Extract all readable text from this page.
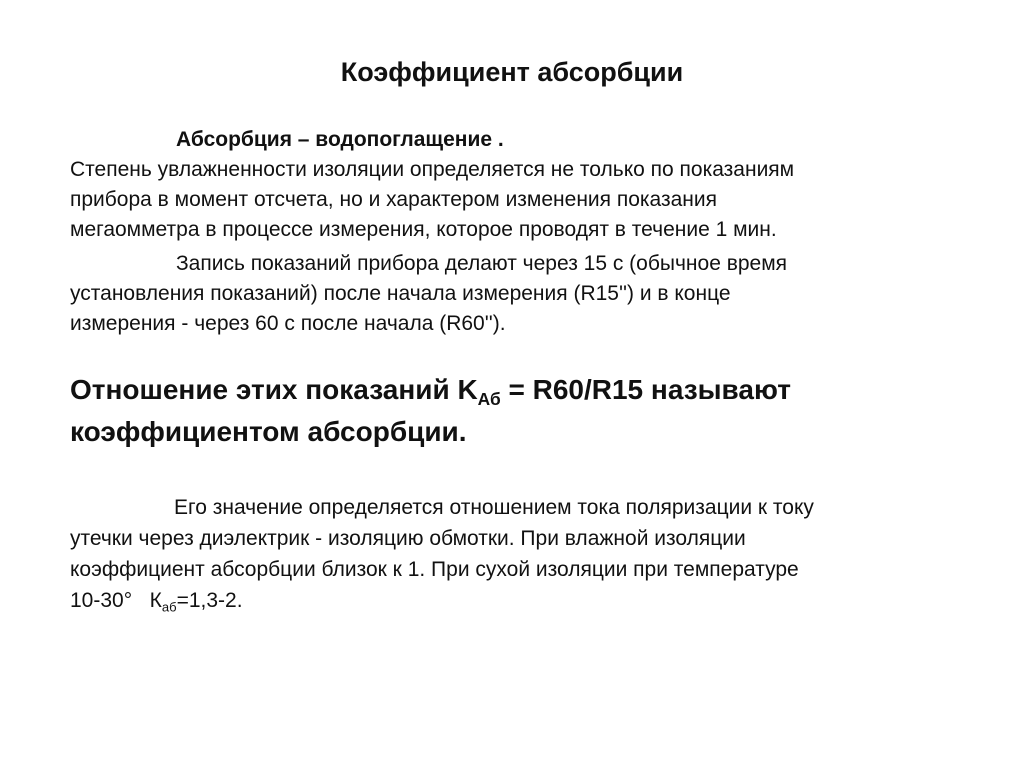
Коэффициент абсорбции
Абсорбция – водопоглащение .
Степень увлажненности изоляции определяется не только по показаниям
прибора в момент отсчета, но и характером изменения показания
мегаомметра в процессе измерения, которое проводят в течение 1 мин.
Запись показаний прибора делают через 15 с (обычное время
установления показаний) после начала измерения (R15'') и в конце
измерения - через 60 с после начала (R60'').
Отношение этих показаний $K_{Аб} = R60/R15$ называют
коэффициентом абсорбции.
Его значение определяется отношением тока поляризации к току
утечки через диэлектрик - изоляцию обмотки. При влажной изоляции
коэффициент абсорбции близок к 1. При сухой изоляции при температуре
10-30°   $К_{аб}=1,3-2$.
